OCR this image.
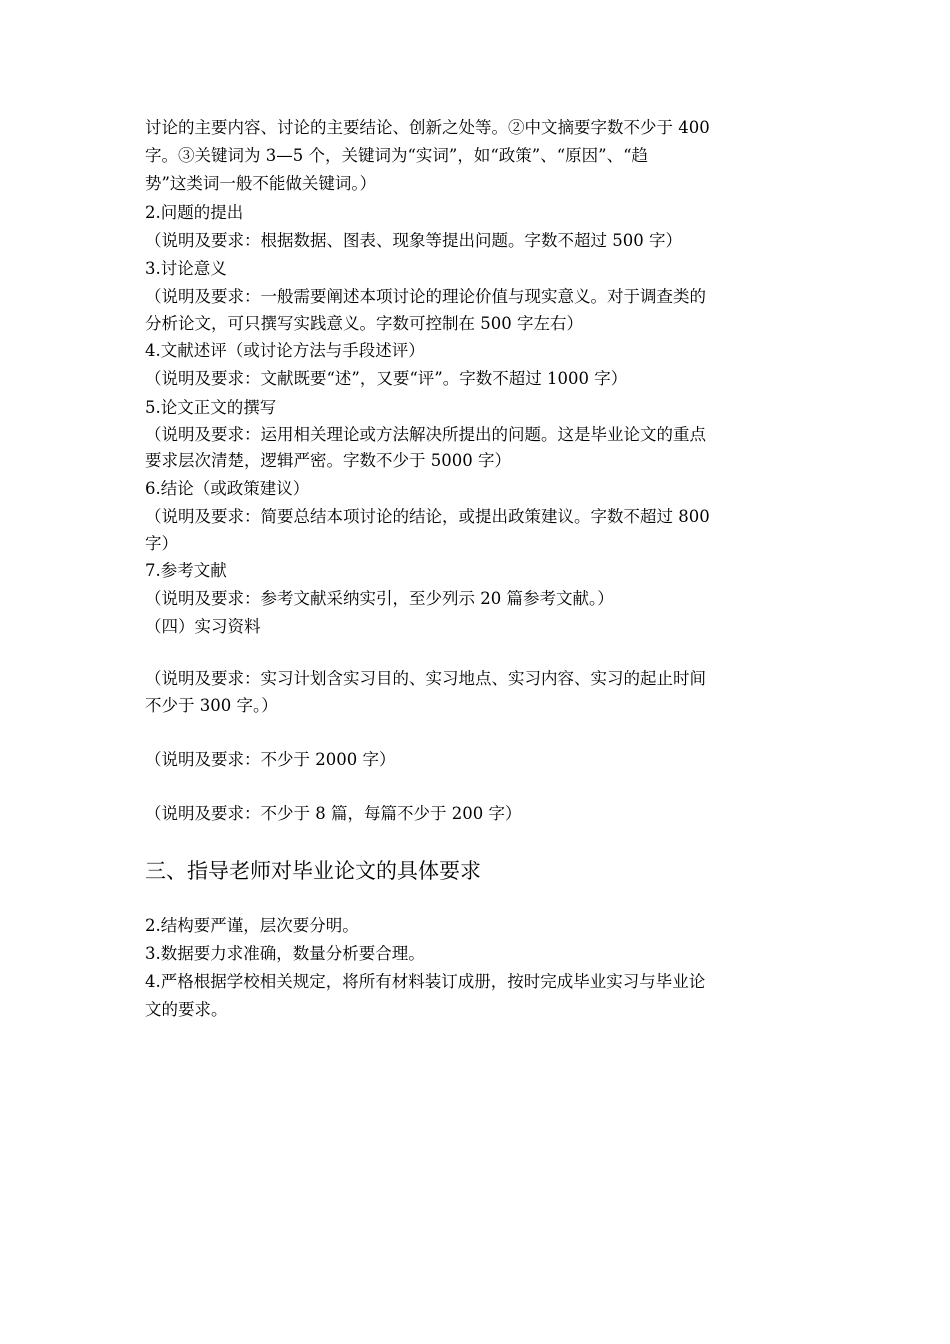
讨论的主要内容、讨论的主要结论、创新之处等。②中文摘要字数不少于 400
字。③关键词为 3—5 个，关键词为“实词”，如“政策”、“原因”、“趋
势”这类词一般不能做关键词。）
2.问题的提出
（说明及要求：根据数据、图表、现象等提出问题。字数不超过 500 字）
3.讨论意义
（说明及要求：一般需要阐述本项讨论的理论价值与现实意义。对于调查类的
分析论文，可只撰写实践意义。字数可控制在 500 字左右）
4.文献述评（或讨论方法与手段述评）
（说明及要求：文献既要“述”，又要“评”。字数不超过 1000 字）
5.论文正文的撰写
（说明及要求：运用相关理论或方法解决所提出的问题。这是毕业论文的重点
要求层次清楚，逻辑严密。字数不少于 5000 字）
6.结论（或政策建议）
（说明及要求：简要总结本项讨论的结论，或提出政策建议。字数不超过 800
字）
7.参考文献
（说明及要求：参考文献采纳实引，至少列示 20 篇参考文献。）
（四）实习资料
（说明及要求：实习计划含实习目的、实习地点、实习内容、实习的起止时间
不少于 300 字。）
（说明及要求：不少于 2000 字）
（说明及要求：不少于 8 篇，每篇不少于 200 字）
三、指导老师对毕业论文的具体要求
2.结构要严谨，层次要分明。
3.数据要力求准确，数量分析要合理。
4.严格根据学校相关规定，将所有材料装订成册，按时完成毕业实习与毕业论
文的要求。
